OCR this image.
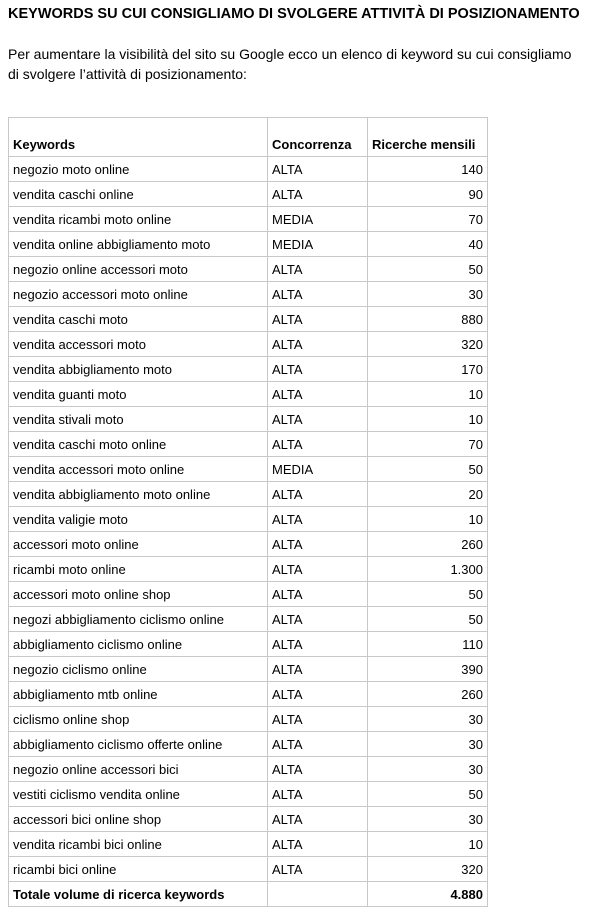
KEYWORDS SU CUI CONSIGLIAMO DI SVOLGERE ATTIVITÀ DI POSIZIONAMENTO
Per aumentare la visibilità del sito su Google ecco un elenco di keyword su cui consigliamo di svolgere l’attività di posizionamento:
Keywords	Concorrenza	Ricerche mensili
negozio moto online	ALTA	140
vendita caschi online	ALTA	90
vendita ricambi moto online	MEDIA	70
vendita online abbigliamento moto	MEDIA	40
negozio online accessori moto	ALTA	50
negozio accessori moto online	ALTA	30
vendita caschi moto	ALTA	880
vendita accessori moto	ALTA	320
vendita abbigliamento moto	ALTA	170
vendita guanti moto	ALTA	10
vendita stivali moto	ALTA	10
vendita caschi moto online	ALTA	70
vendita accessori moto online	MEDIA	50
vendita abbigliamento moto online	ALTA	20
vendita valigie moto	ALTA	10
accessori moto online	ALTA	260
ricambi moto online	ALTA	1.300
accessori moto online shop	ALTA	50
negozi abbigliamento ciclismo online	ALTA	50
abbigliamento ciclismo online	ALTA	110
negozio ciclismo online	ALTA	390
abbigliamento mtb online	ALTA	260
ciclismo online shop	ALTA	30
abbigliamento ciclismo offerte online	ALTA	30
negozio online accessori bici	ALTA	30
vestiti ciclismo vendita online	ALTA	50
accessori bici online shop	ALTA	30
vendita ricambi bici online	ALTA	10
ricambi bici online	ALTA	320
Totale volume di ricerca keywords		4.880
